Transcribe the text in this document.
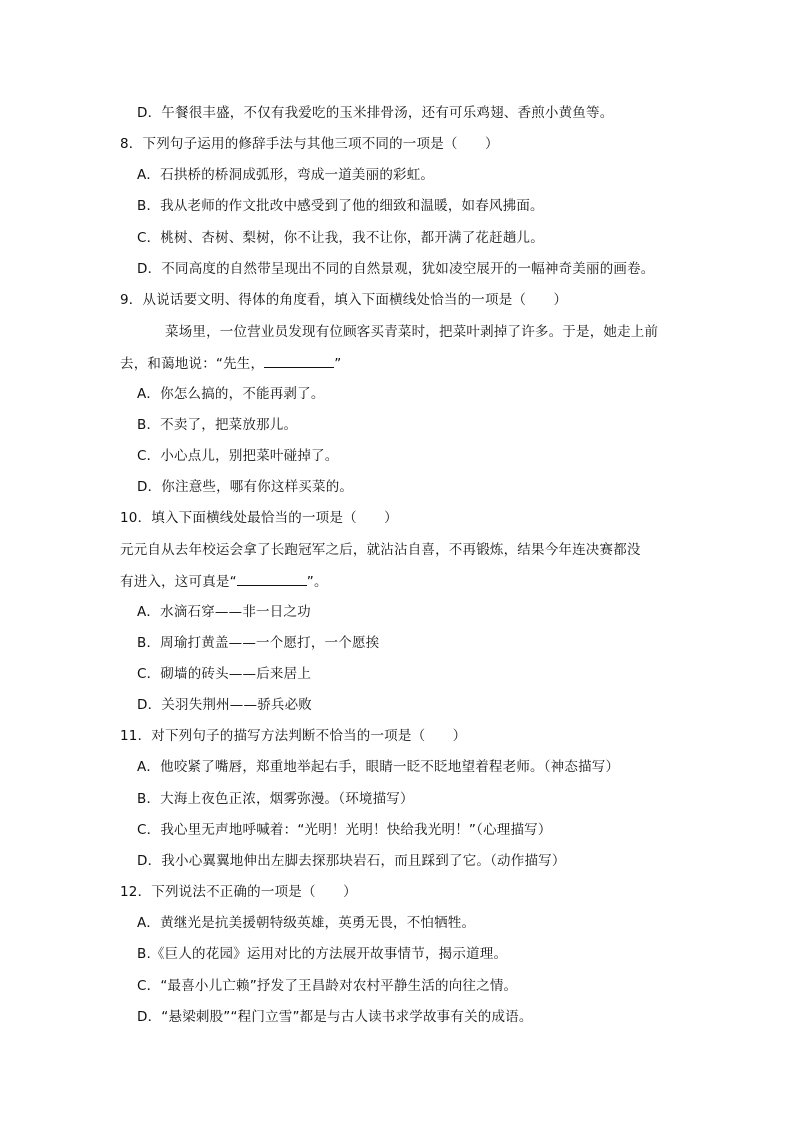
D．午餐很丰盛，不仅有我爱吃的玉米排骨汤，还有可乐鸡翅、香煎小黄鱼等。
8．下列句子运用的修辞手法与其他三项不同的一项是（　　）
A．石拱桥的桥洞成弧形，弯成一道美丽的彩虹。
B．我从老师的作文批改中感受到了他的细致和温暖，如春风拂面。
C．桃树、杏树、梨树，你不让我，我不让你，都开满了花赶趟儿。
D．不同高度的自然带呈现出不同的自然景观，犹如凌空展开的一幅神奇美丽的画卷。
9．从说话要文明、得体的角度看，填入下面横线处恰当的一项是（　　）
菜场里，一位营业员发现有位顾客买青菜时，把菜叶剥掉了许多。于是，她走上前
去，和蔼地说：“先生，	”
A．你怎么搞的，不能再剥了。
B．不卖了，把菜放那儿。
C．小心点儿，别把菜叶碰掉了。
D．你注意些，哪有你这样买菜的。
10．填入下面横线处最恰当的一项是（　　）
元元自从去年校运会拿了长跑冠军之后，就沾沾自喜，不再锻炼，结果今年连决赛都没
有进入，这可真是“	”。
A．水滴石穿——非一日之功
B．周瑜打黄盖——一个愿打，一个愿挨
C．砌墙的砖头——后来居上
D．关羽失荆州——骄兵必败
11．对下列句子的描写方法判断不恰当的一项是（　　）
A．他咬紧了嘴唇，郑重地举起右手，眼睛一眨不眨地望着程老师。（神态描写）
B．大海上夜色正浓，烟雾弥漫。（环境描写）
C．我心里无声地呼喊着：“光明！光明！快给我光明！”（心理描写）
D．我小心翼翼地伸出左脚去探那块岩石，而且踩到了它。（动作描写）
12．下列说法不正确的一项是（　　）
A．黄继光是抗美援朝特级英雄，英勇无畏，不怕牺牲。
B.《巨人的花园》运用对比的方法展开故事情节，揭示道理。
C．“最喜小儿亡赖”抒发了王昌龄对农村平静生活的向往之情。
D．“悬梁刺股”“程门立雪”都是与古人读书求学故事有关的成语。
